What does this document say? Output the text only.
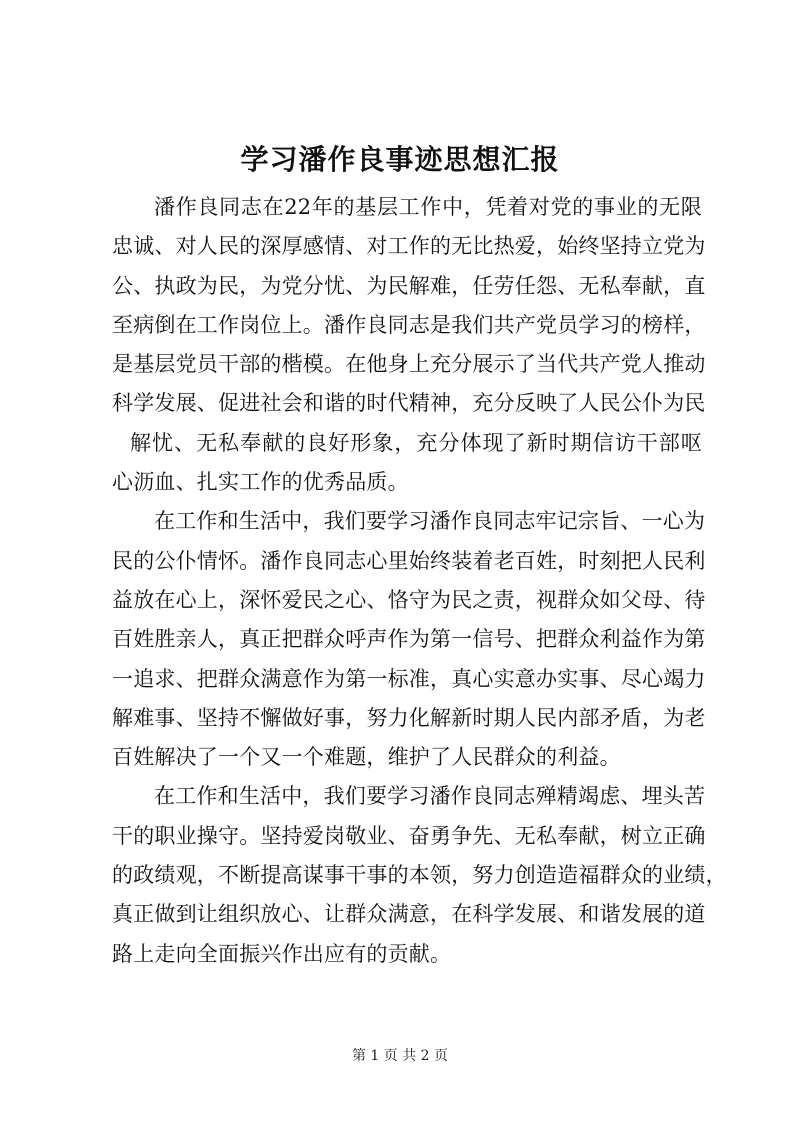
学习潘作良事迹思想汇报
潘作良同志在22年的基层工作中，凭着对党的事业的无限
忠诚、对人民的深厚感情、对工作的无比热爱，始终坚持立党为
公、执政为民，为党分忧、为民解难，任劳任怨、无私奉献，直
至病倒在工作岗位上。潘作良同志是我们共产党员学习的榜样，
是基层党员干部的楷模。在他身上充分展示了当代共产党人推动
科学发展、促进社会和谐的时代精神，充分反映了人民公仆为民
解忧、无私奉献的良好形象，充分体现了新时期信访干部呕
心沥血、扎实工作的优秀品质。
在工作和生活中，我们要学习潘作良同志牢记宗旨、一心为
民的公仆情怀。潘作良同志心里始终装着老百姓，时刻把人民利
益放在心上，深怀爱民之心、恪守为民之责，视群众如父母、待
百姓胜亲人，真正把群众呼声作为第一信号、把群众利益作为第
一追求、把群众满意作为第一标准，真心实意办实事、尽心竭力
解难事、坚持不懈做好事，努力化解新时期人民内部矛盾，为老
百姓解决了一个又一个难题，维护了人民群众的利益。
在工作和生活中，我们要学习潘作良同志殚精竭虑、埋头苦
干的职业操守。坚持爱岗敬业、奋勇争先、无私奉献，树立正确
的政绩观，不断提高谋事干事的本领，努力创造造福群众的业绩，
真正做到让组织放心、让群众满意，在科学发展、和谐发展的道
路上走向全面振兴作出应有的贡献。
第 1 页 共 2 页
